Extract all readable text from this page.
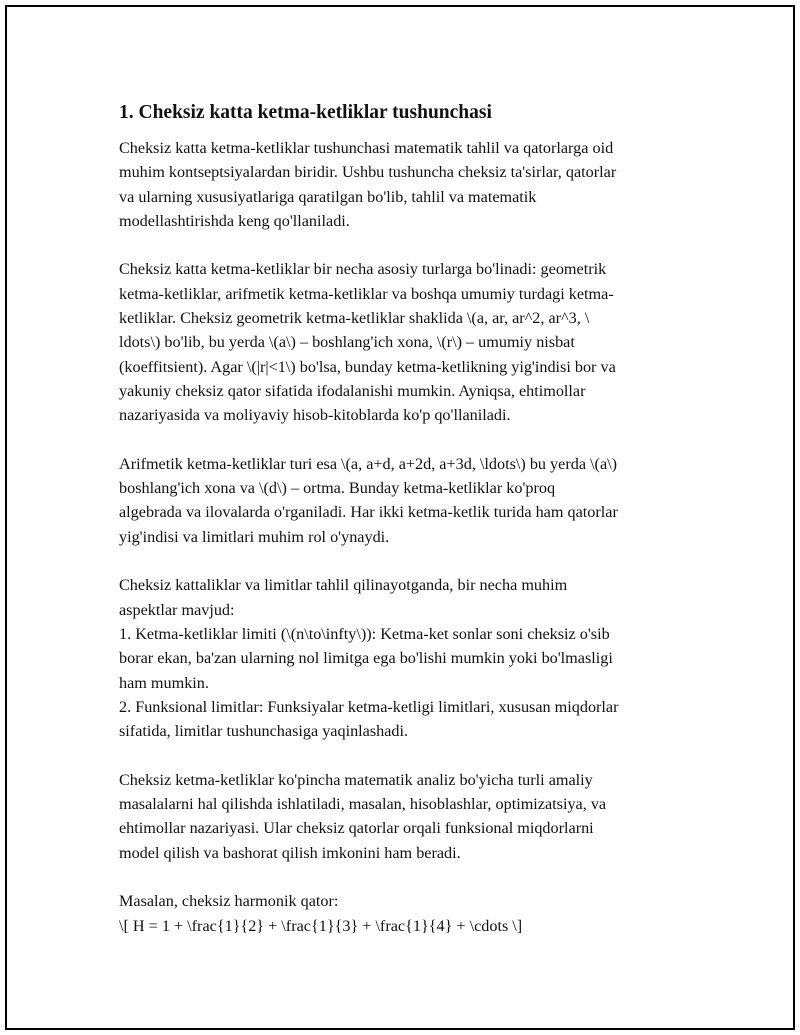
1. Cheksiz katta ketma-ketliklar tushunchasi

Cheksiz katta ketma-ketliklar tushunchasi matematik tahlil va qatorlarga oid
muhim kontseptsiyalardan biridir. Ushbu tushuncha cheksiz ta'sirlar, qatorlar
va ularning xususiyatlariga qaratilgan bo'lib, tahlil va matematik
modellashtirishda keng qo'llaniladi.

Cheksiz katta ketma-ketliklar bir necha asosiy turlarga bo'linadi: geometrik
ketma-ketliklar, arifmetik ketma-ketliklar va boshqa umumiy turdagi ketma-
ketliklar. Cheksiz geometrik ketma-ketliklar shaklida \(a, ar, ar^2, ar^3, \
ldots\) bo'lib, bu yerda \(a\) – boshlang'ich xona, \(r\) – umumiy nisbat
(koeffitsient). Agar \(|r|<1\) bo'lsa, bunday ketma-ketlikning yig'indisi bor va
yakuniy cheksiz qator sifatida ifodalanishi mumkin. Ayniqsa, ehtimollar
nazariyasida va moliyaviy hisob-kitoblarda ko'p qo'llaniladi.

Arifmetik ketma-ketliklar turi esa \(a, a+d, a+2d, a+3d, \ldots\) bu yerda \(a\)
boshlang'ich xona va \(d\) – ortma. Bunday ketma-ketliklar ko'proq
algebrada va ilovalarda o'rganiladi. Har ikki ketma-ketlik turida ham qatorlar
yig'indisi va limitlari muhim rol o'ynaydi.

Cheksiz kattaliklar va limitlar tahlil qilinayotganda, bir necha muhim
aspektlar mavjud:
1. Ketma-ketliklar limiti (\(n\to\infty\)): Ketma-ket sonlar soni cheksiz o'sib
borar ekan, ba'zan ularning nol limitga ega bo'lishi mumkin yoki bo'lmasligi
ham mumkin.
2. Funksional limitlar: Funksiyalar ketma-ketligi limitlari, xususan miqdorlar
sifatida, limitlar tushunchasiga yaqinlashadi.

Cheksiz ketma-ketliklar ko'pincha matematik analiz bo'yicha turli amaliy
masalalarni hal qilishda ishlatiladi, masalan, hisoblashlar, optimizatsiya, va
ehtimollar nazariyasi. Ular cheksiz qatorlar orqali funksional miqdorlarni
model qilish va bashorat qilish imkonini ham beradi.

Masalan, cheksiz harmonik qator:
\[ H = 1 + \frac{1}{2} + \frac{1}{3} + \frac{1}{4} + \cdots \]
